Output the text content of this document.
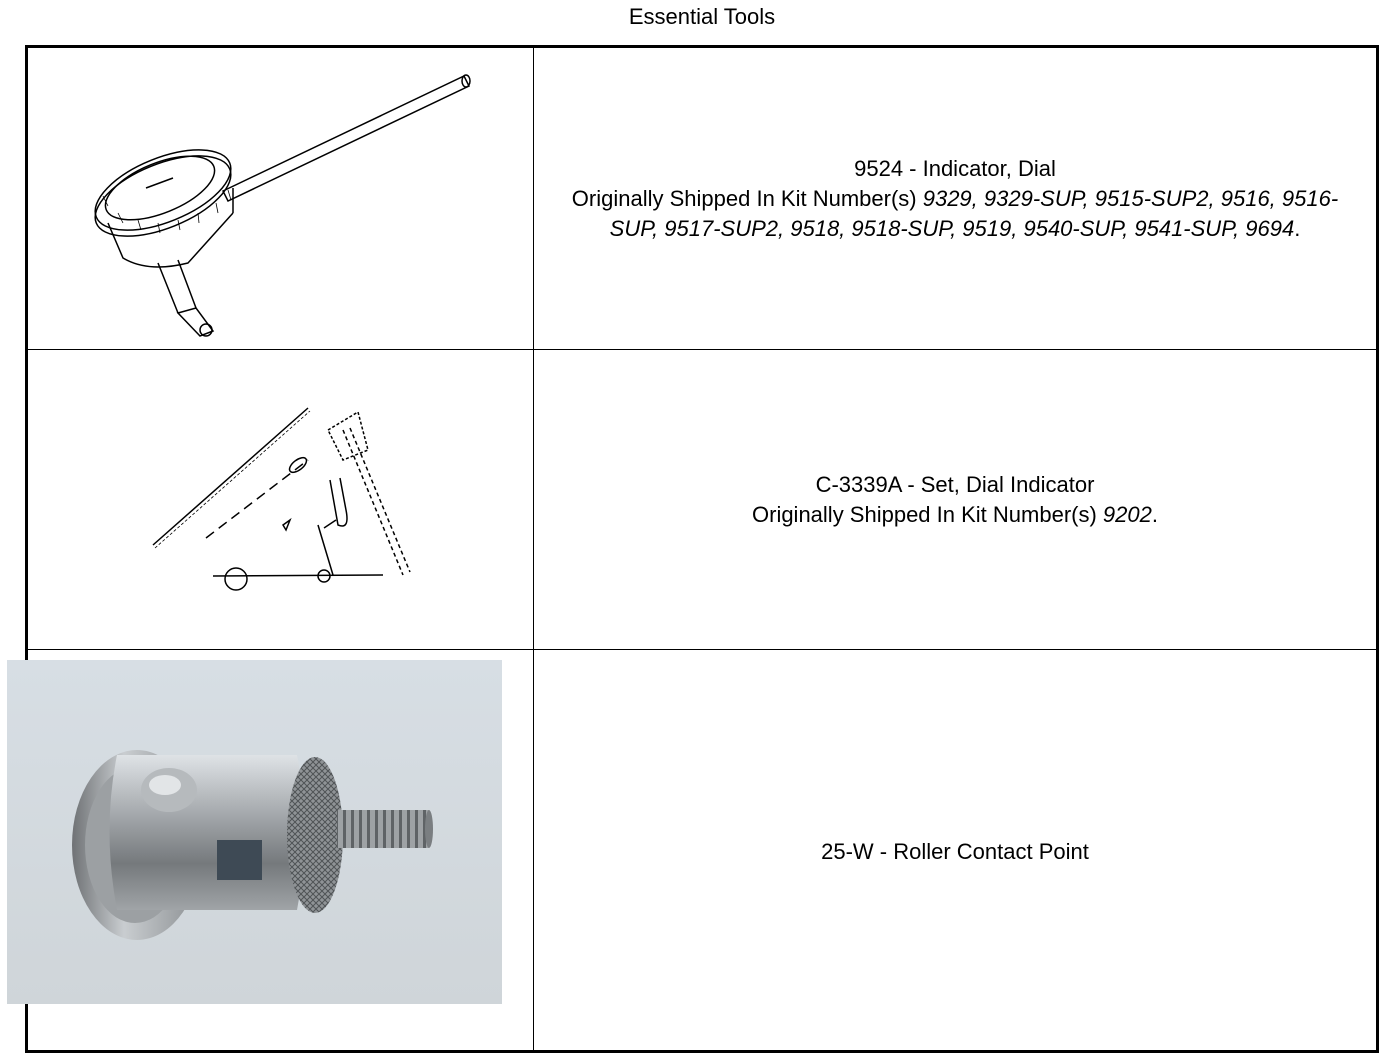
Essential Tools
9524 - Indicator, Dial
Originally Shipped In Kit Number(s) 9329, 9329-SUP, 9515-SUP2, 9516, 9516-SUP, 9517-SUP2, 9518, 9518-SUP, 9519, 9540-SUP, 9541-SUP, 9694.
C-3339A - Set, Dial Indicator
Originally Shipped In Kit Number(s) 9202.
25-W - Roller Contact Point
